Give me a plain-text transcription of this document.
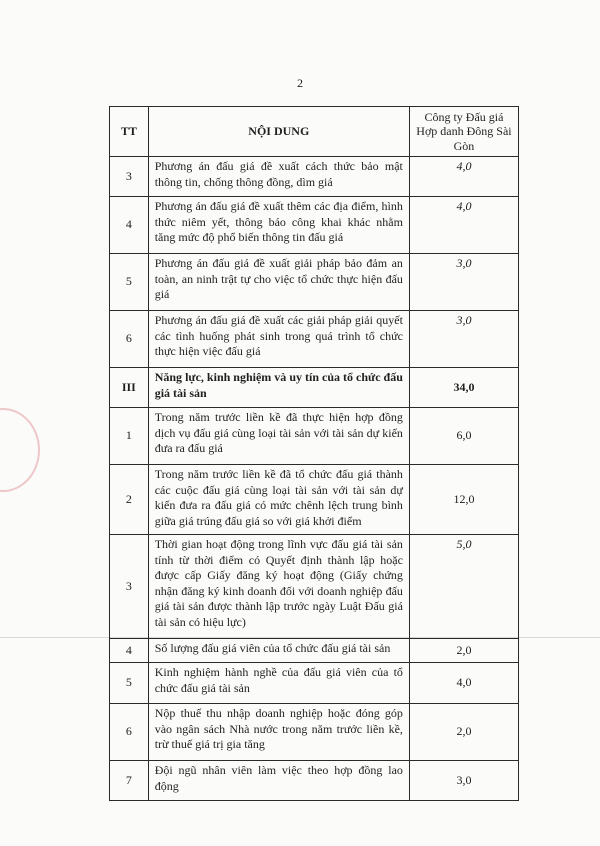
2
TT	NỘI DUNG	Công ty Đấu giá Hợp danh Đông Sài Gòn
3	Phương án đấu giá đề xuất cách thức bảo mật thông tin, chống thông đồng, dìm giá	4,0
4	Phương án đấu giá đề xuất thêm các địa điểm, hình thức niêm yết, thông báo công khai khác nhằm tăng mức độ phổ biến thông tin đấu giá	4,0
5	Phương án đấu giá đề xuất giải pháp bảo đảm an toàn, an ninh trật tự cho việc tổ chức thực hiện đấu giá	3,0
6	Phương án đấu giá đề xuất các giải pháp giải quyết các tình huống phát sinh trong quá trình tổ chức thực hiện việc đấu giá	3,0
III	Năng lực, kinh nghiệm và uy tín của tổ chức đấu giá tài sản	34,0
1	Trong năm trước liền kề đã thực hiện hợp đồng dịch vụ đấu giá cùng loại tài sản với tài sản dự kiến đưa ra đấu giá	6,0
2	Trong năm trước liền kề đã tổ chức đấu giá thành các cuộc đấu giá cùng loại tài sản với tài sản dự kiến đưa ra đấu giá có mức chênh lệch trung bình giữa giá trúng đấu giá so với giá khởi điểm	12,0
3	Thời gian hoạt động trong lĩnh vực đấu giá tài sản tính từ thời điểm có Quyết định thành lập hoặc được cấp Giấy đăng ký hoạt động (Giấy chứng nhận đăng ký kinh doanh đối với doanh nghiệp đấu giá tài sản được thành lập trước ngày Luật Đấu giá tài sản có hiệu lực)	5,0
4	Số lượng đấu giá viên của tổ chức đấu giá tài sản	2,0
5	Kinh nghiệm hành nghề của đấu giá viên của tổ chức đấu giá tài sản	4,0
6	Nộp thuế thu nhập doanh nghiệp hoặc đóng góp vào ngân sách Nhà nước trong năm trước liền kề, trừ thuế giá trị gia tăng	2,0
7	Đội ngũ nhân viên làm việc theo hợp đồng lao động	3,0
